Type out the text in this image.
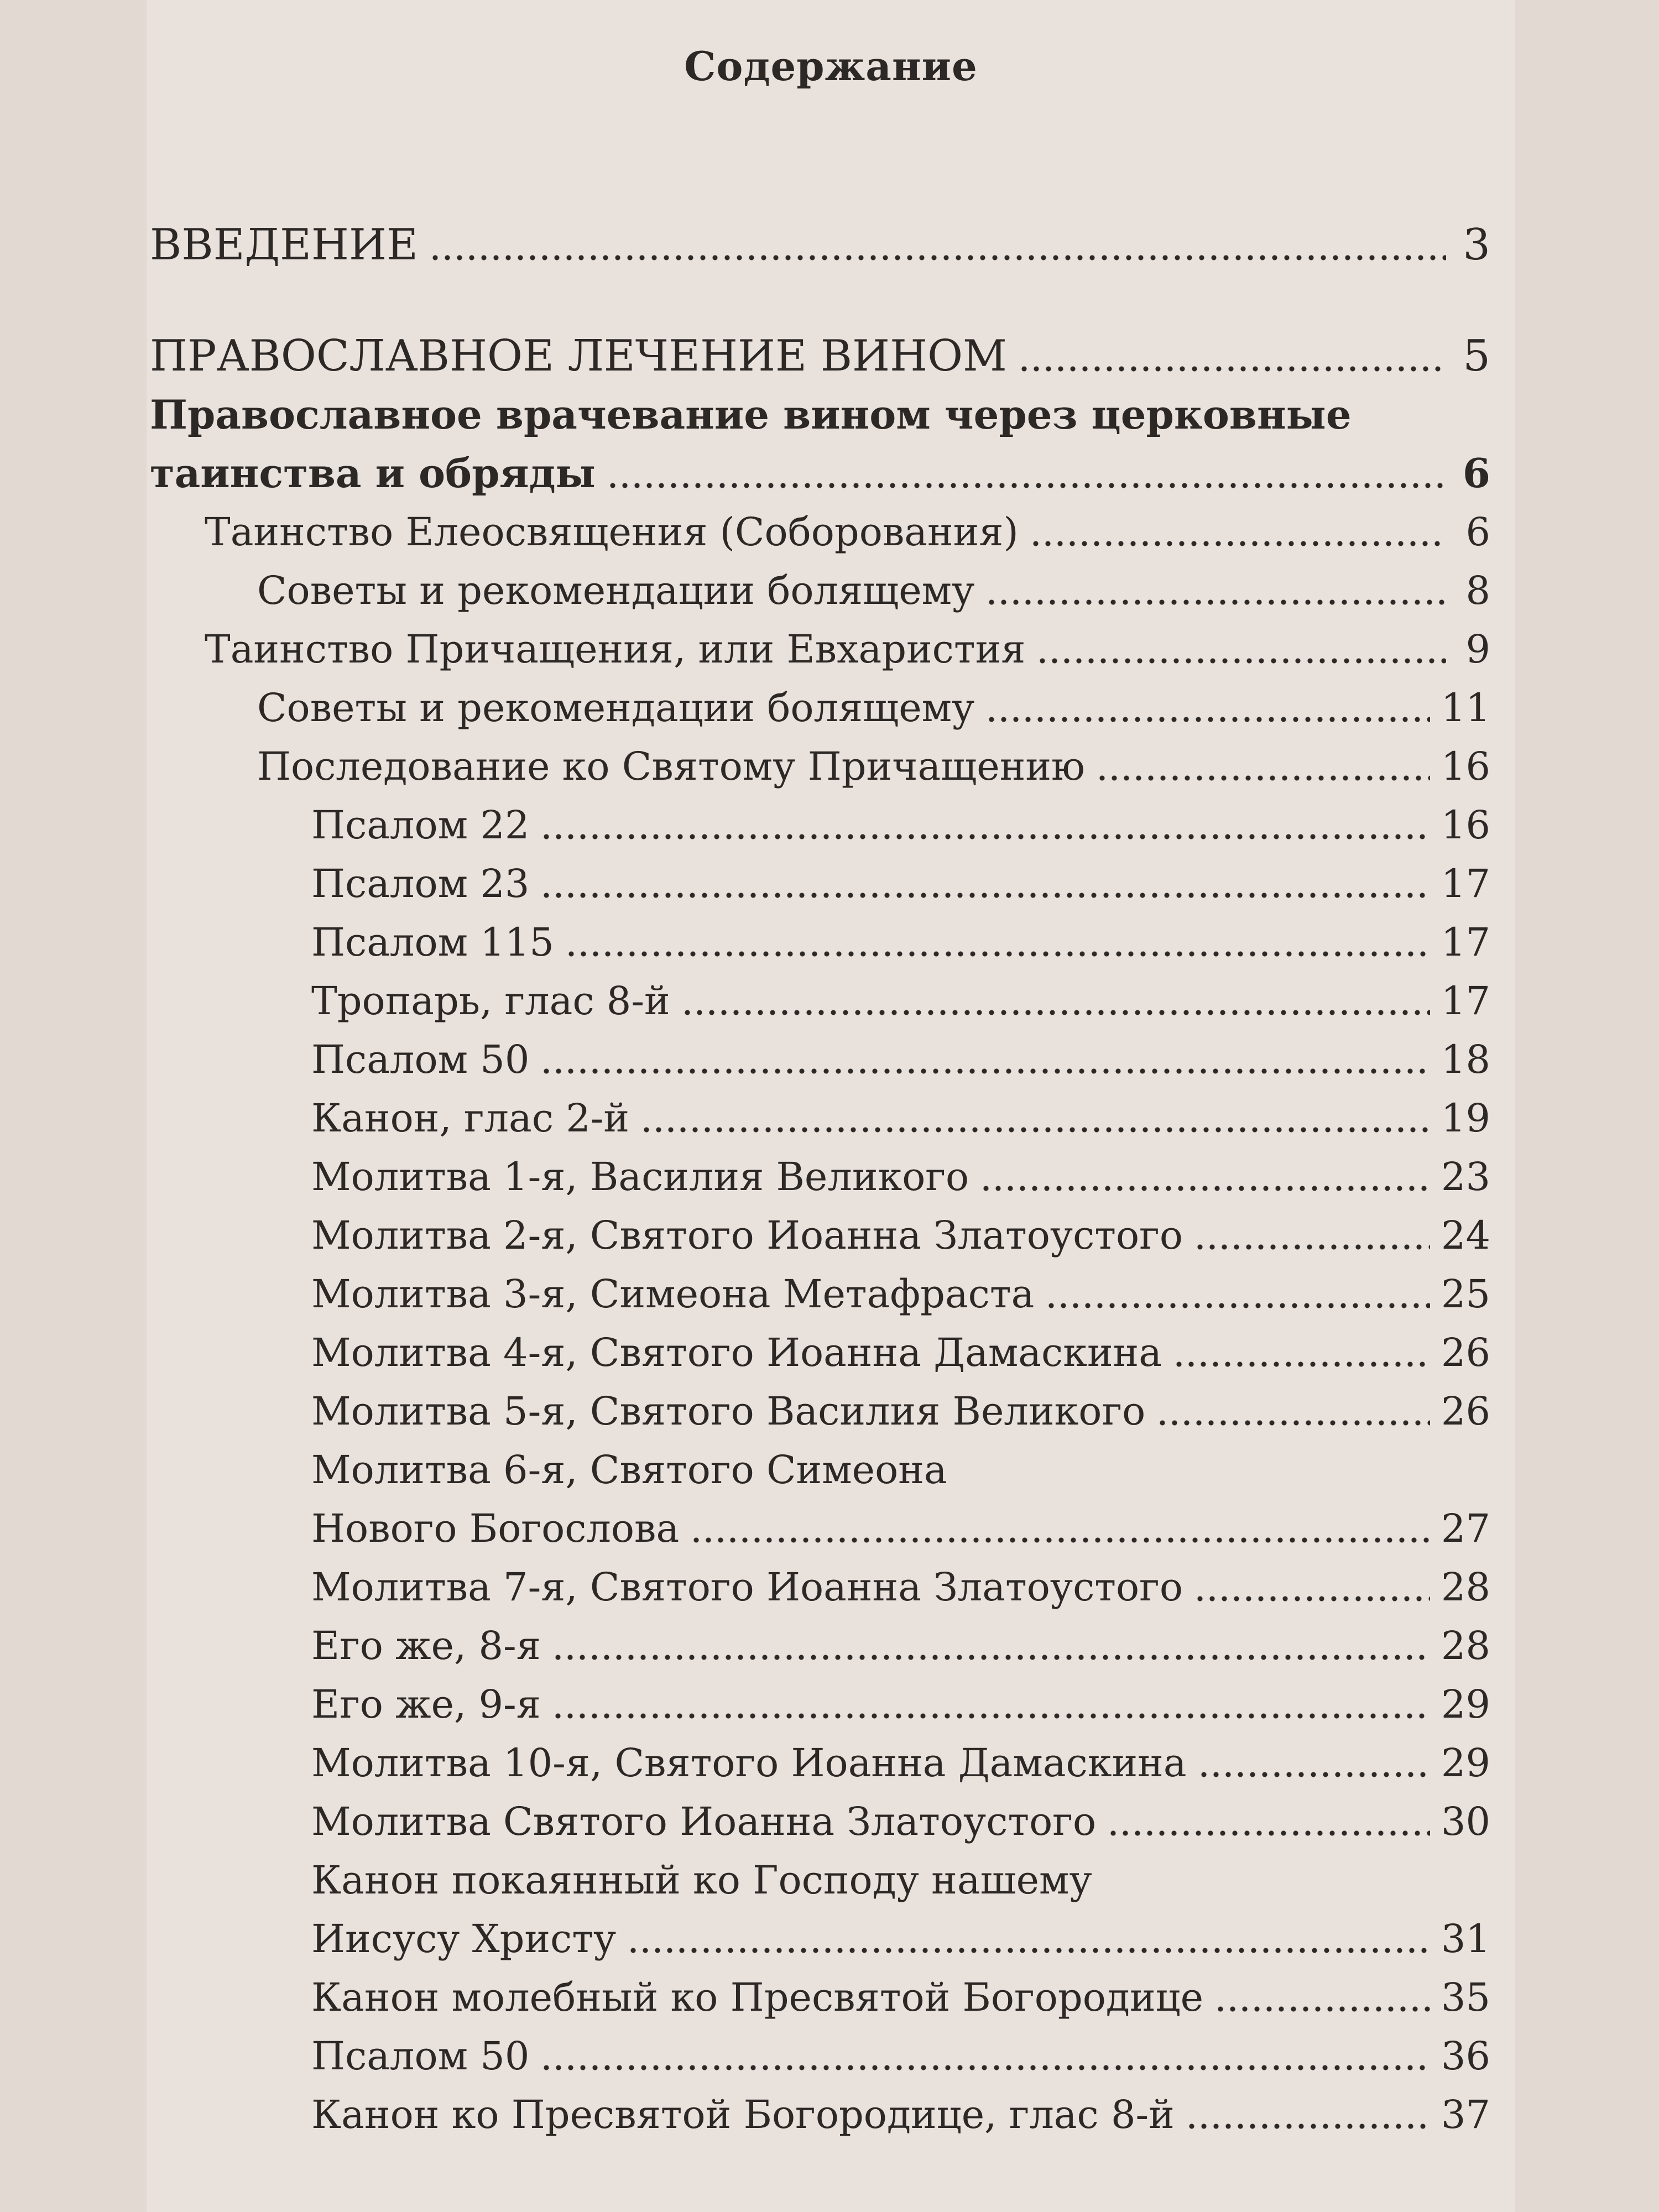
Содержание
ВВЕДЕНИЕ	3
ПРАВОСЛАВНОЕ ЛЕЧЕНИЕ ВИНОМ	5
Православное врачевание вином через церковные
таинства и обряды	6
Таинство Елеосвящения (Соборования)	6
Советы и рекомендации болящему	8
Таинство Причащения, или Евхаристия	9
Советы и рекомендации болящему	11
Последование ко Святому Причащению	16
Псалом 22	16
Псалом 23	17
Псалом 115	17
Тропарь, глас 8-й	17
Псалом 50	18
Канон, глас 2-й	19
Молитва 1-я, Василия Великого	23
Молитва 2-я, Святого Иоанна Златоустого	24
Молитва 3-я, Симеона Метафраста	25
Молитва 4-я, Святого Иоанна Дамаскина	26
Молитва 5-я, Святого Василия Великого	26
Молитва 6-я, Святого Симеона
Нового Богослова	27
Молитва 7-я, Святого Иоанна Златоустого	28
Его же, 8-я	28
Его же, 9-я	29
Молитва 10-я, Святого Иоанна Дамаскина	29
Молитва Святого Иоанна Златоустого	30
Канон покаянный ко Господу нашему
Иисусу Христу	31
Канон молебный ко Пресвятой Богородице	35
Псалом 50	36
Канон ко Пресвятой Богородице, глас 8-й	37
